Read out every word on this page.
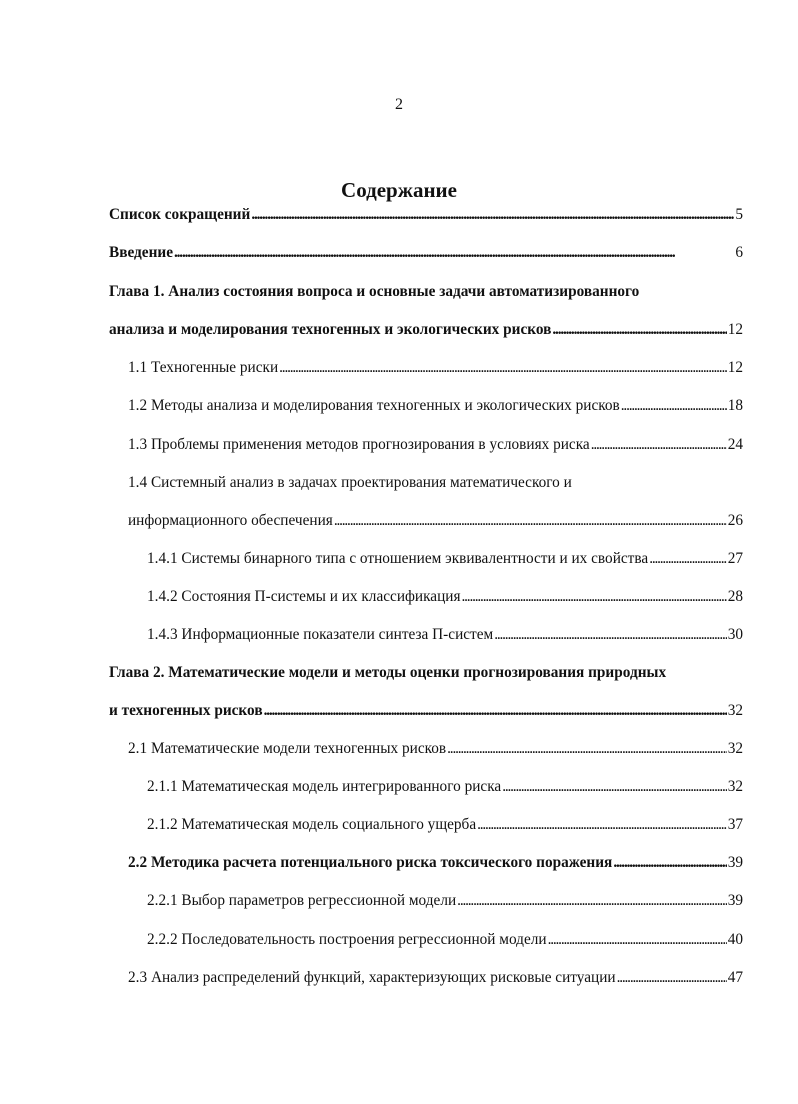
2
Содержание
Список сокращений . . .	5
Введение . . .	6
Глава 1. Анализ состояния вопроса и основные задачи автоматизированного
анализа и моделирования техногенных и экологических рисков . . .	12
1.1 Техногенные риски . . .	12
1.2 Методы анализа и моделирования техногенных и экологических рисков . . .	18
1.3 Проблемы применения методов прогнозирования в условиях риска . . .	24
1.4 Системный анализ в задачах проектирования математического и
информационного обеспечения . . .	26
1.4.1 Системы бинарного типа с отношением эквивалентности и их свойства . . .	27
1.4.2 Состояния П-системы и их классификация . . .	28
1.4.3 Информационные показатели синтеза П-систем . . .	30
Глава 2. Математические модели и методы оценки прогнозирования природных
и техногенных рисков . . .	32
2.1 Математические модели техногенных рисков . . .	32
2.1.1 Математическая модель интегрированного риска . . .	32
2.1.2 Математическая модель социального ущерба . . .	37
2.2 Методика расчета потенциального риска токсического поражения . . .	39
2.2.1 Выбор параметров регрессионной модели . . .	39
2.2.2 Последовательность построения регрессионной модели . . .	40
2.3 Анализ распределений функций, характеризующих рисковые ситуации . . .	47
